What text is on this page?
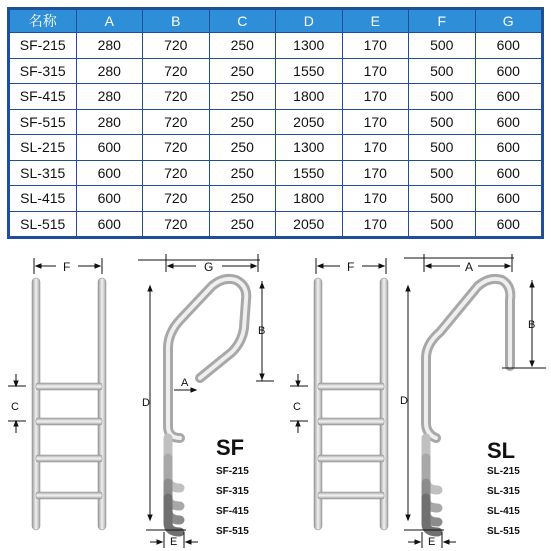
名称	A	B	C	D	E	F	G
SF-215	280	720	250	1300	170	500	600
SF-315	280	720	250	1550	170	500	600
SF-415	280	720	250	1800	170	500	600
SF-515	280	720	250	2050	170	500	600
SL-215	600	720	250	1300	170	500	600
SL-315	600	720	250	1550	170	500	600
SL-415	600	720	250	1800	170	500	600
SL-515	600	720	250	2050	170	500	600
F
C
G
B
D
A
E
SF
SF-215
SF-315
SF-415
SF-515
F
C
A
B
D
E
SL
SL-215
SL-315
SL-415
SL-515
